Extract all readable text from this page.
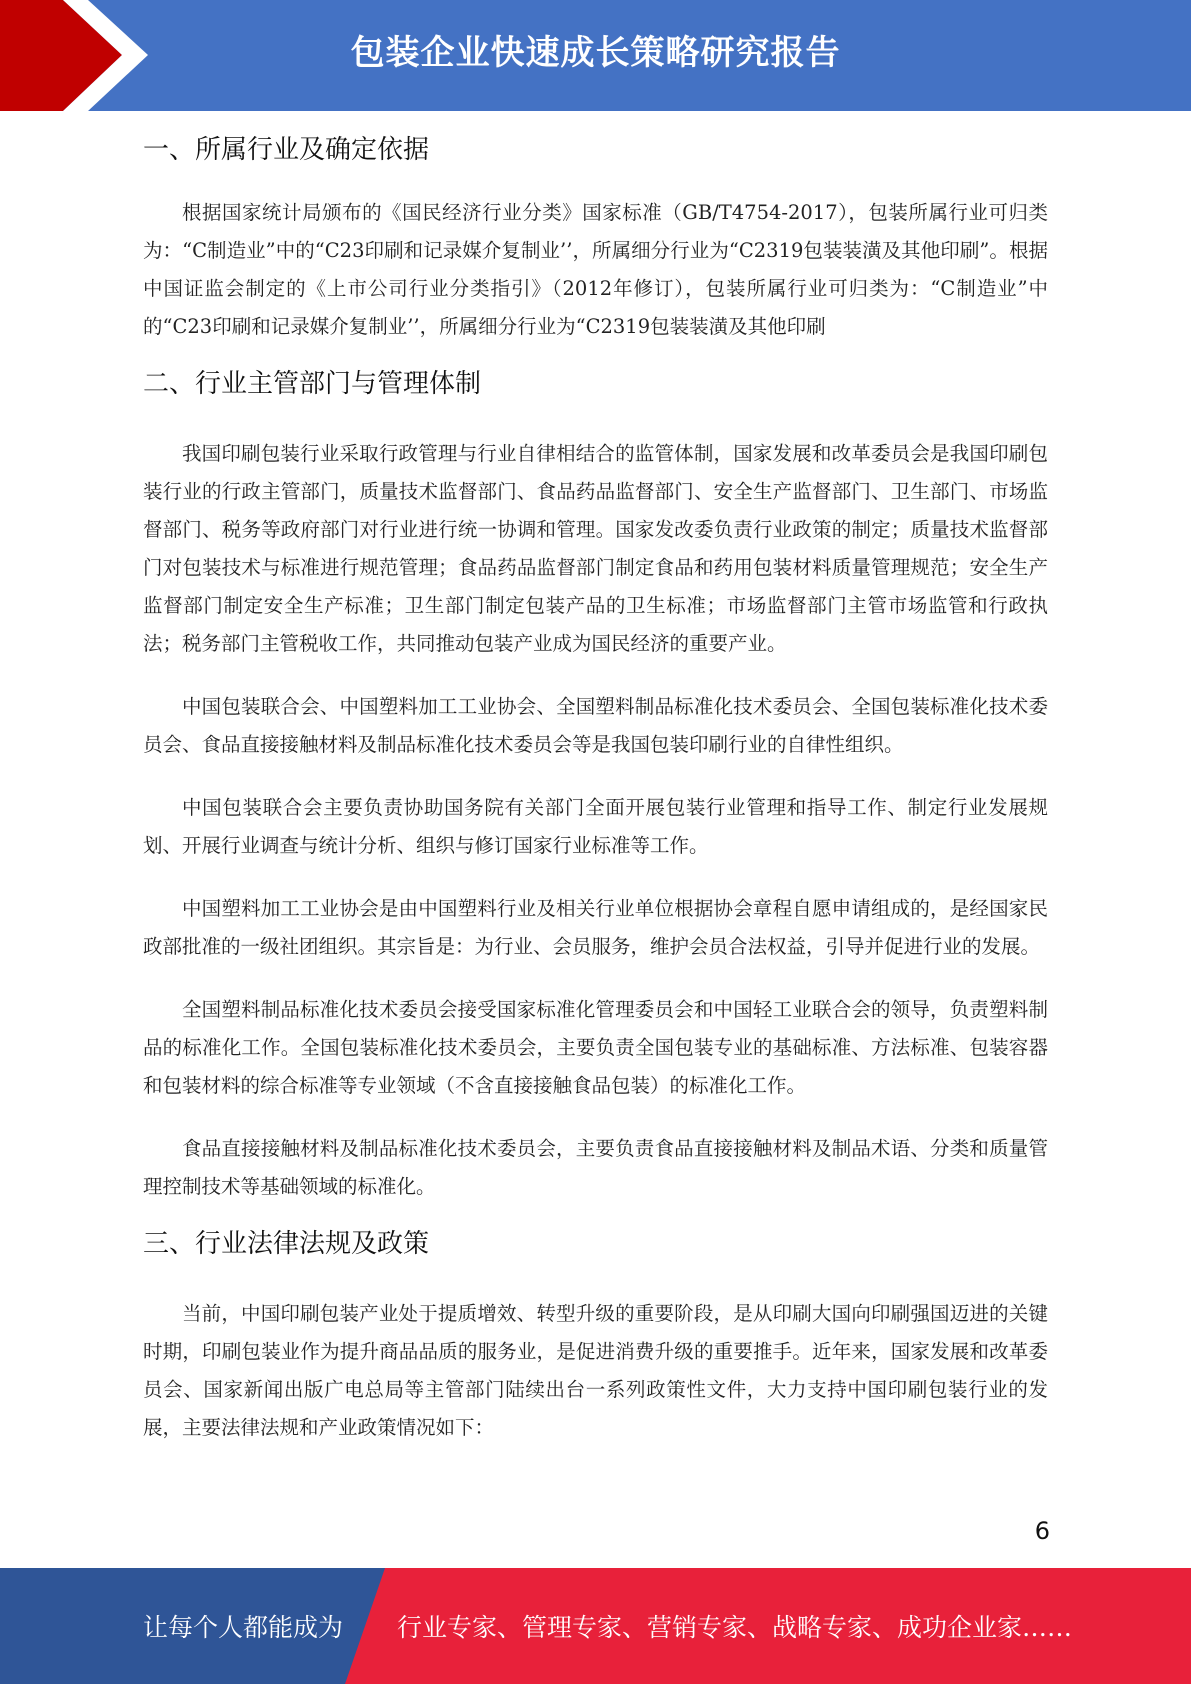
包装企业快速成长策略研究报告
一、所属行业及确定依据

根据国家统计局颁布的《国民经济行业分类》国家标准（GB/T4754-2017），包装所属行业可归类为：“C制造业”中的“C23印刷和记录媒介复制业’’，所属细分行业为“C2319包装装潢及其他印刷”。根据中国证监会制定的《上市公司行业分类指引》（2012年修订），包装所属行业可归类为：“C制造业”中的“C23印刷和记录媒介复制业’’，所属细分行业为“C2319包装装潢及其他印刷

二、行业主管部门与管理体制

我国印刷包装行业采取行政管理与行业自律相结合的监管体制，国家发展和改革委员会是我国印刷包装行业的行政主管部门，质量技术监督部门、食品药品监督部门、安全生产监督部门、卫生部门、市场监督部门、税务等政府部门对行业进行统一协调和管理。国家发改委负责行业政策的制定；质量技术监督部门对包装技术与标准进行规范管理；食品药品监督部门制定食品和药用包装材料质量管理规范；安全生产监督部门制定安全生产标准；卫生部门制定包装产品的卫生标准；市场监督部门主管市场监管和行政执法；税务部门主管税收工作，共同推动包装产业成为国民经济的重要产业。

中国包装联合会、中国塑料加工工业协会、全国塑料制品标准化技术委员会、全国包装标准化技术委员会、食品直接接触材料及制品标准化技术委员会等是我国包装印刷行业的自律性组织。

中国包装联合会主要负责协助国务院有关部门全面开展包装行业管理和指导工作、制定行业发展规划、开展行业调查与统计分析、组织与修订国家行业标准等工作。

中国塑料加工工业协会是由中国塑料行业及相关行业单位根据协会章程自愿申请组成的，是经国家民政部批准的一级社团组织。其宗旨是：为行业、会员服务，维护会员合法权益，引导并促进行业的发展。

全国塑料制品标准化技术委员会接受国家标准化管理委员会和中国轻工业联合会的领导，负责塑料制品的标准化工作。全国包装标准化技术委员会，主要负责全国包装专业的基础标准、方法标准、包装容器和包装材料的综合标准等专业领域（不含直接接触食品包装）的标准化工作。

食品直接接触材料及制品标准化技术委员会，主要负责食品直接接触材料及制品术语、分类和质量管理控制技术等基础领域的标准化。

三、行业法律法规及政策

当前，中国印刷包装产业处于提质增效、转型升级的重要阶段，是从印刷大国向印刷强国迈进的关键时期，印刷包装业作为提升商品品质的服务业，是促进消费升级的重要推手。近年来，国家发展和改革委员会、国家新闻出版广电总局等主管部门陆续出台一系列政策性文件，大力支持中国印刷包装行业的发展，主要法律法规和产业政策情况如下：

6
让每个人都能成为 行业专家、管理专家、营销专家、战略专家、成功企业家……
